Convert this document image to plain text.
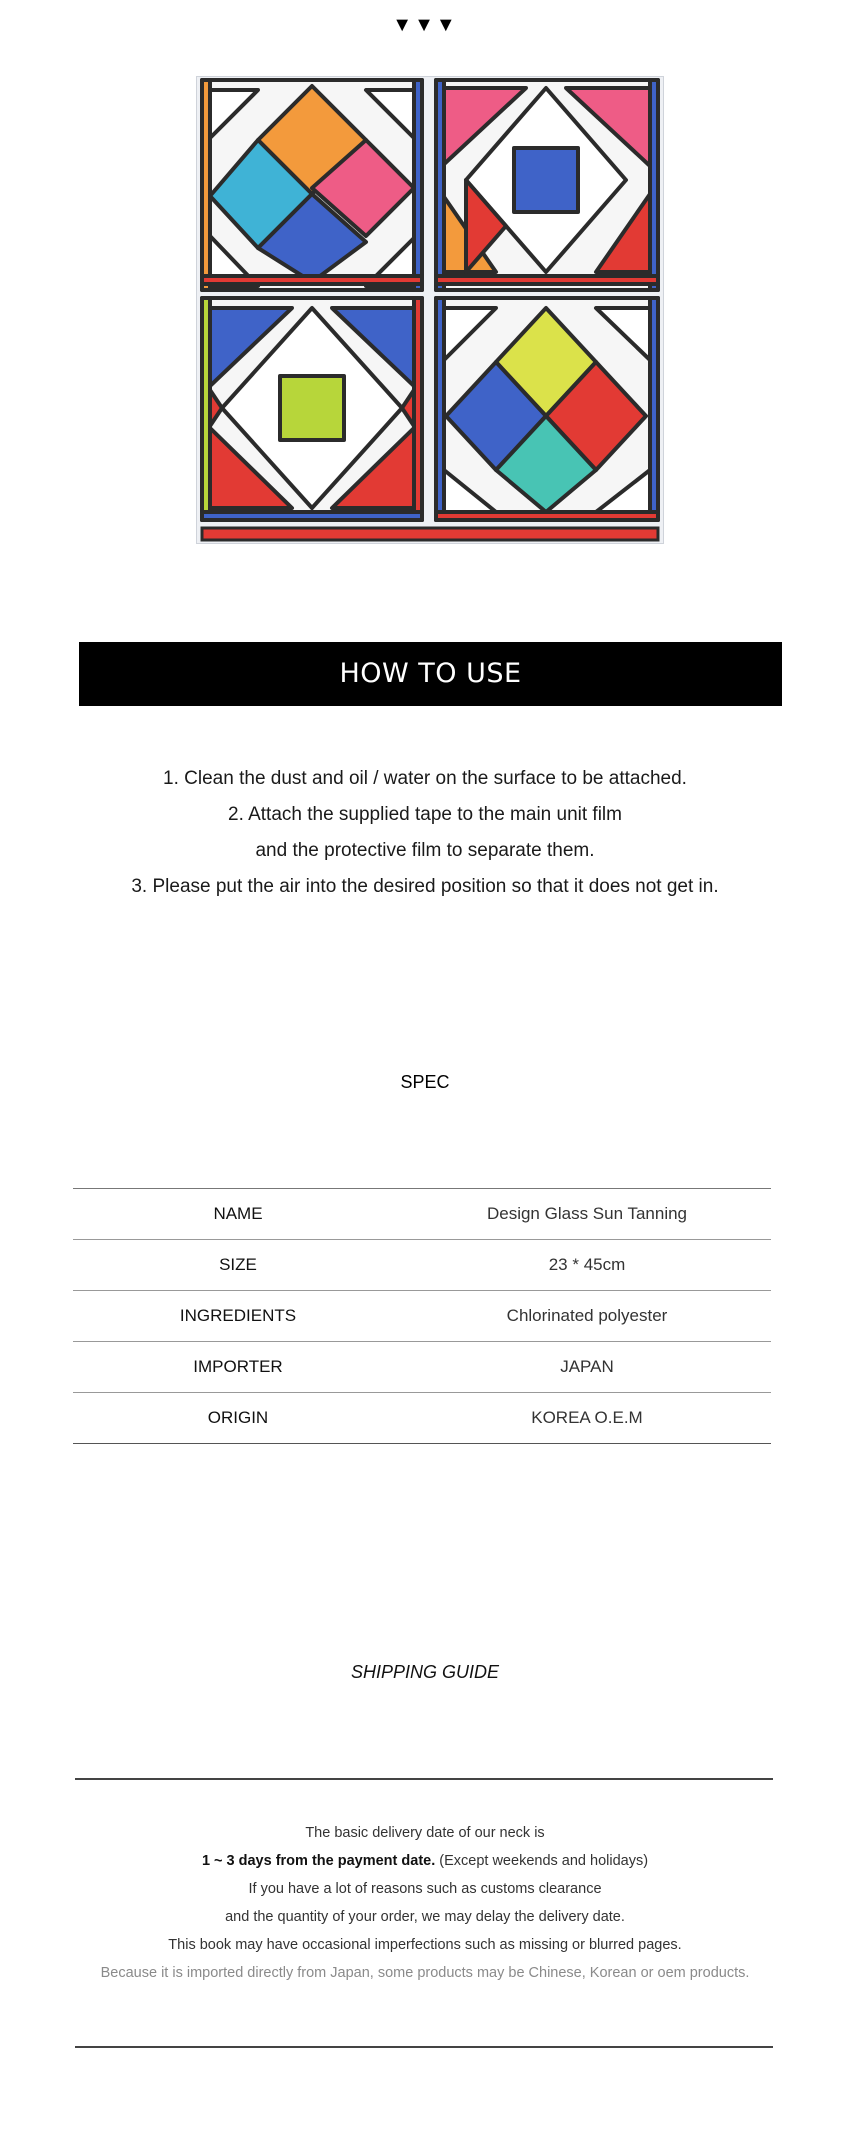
▼▼▼
HOW TO USE
1. Clean the dust and oil / water on the surface to be attached.
2. Attach the supplied tape to the main unit film
and the protective film to separate them.
3. Please put the air into the desired position so that it does not get in.
SPEC
NAME	Design Glass Sun Tanning
SIZE	23 * 45cm
INGREDIENTS	Chlorinated polyester
IMPORTER	JAPAN
ORIGIN	KOREA O.E.M
SHIPPING GUIDE
The basic delivery date of our neck is
1 ~ 3 days from the payment date. (Except weekends and holidays)
If you have a lot of reasons such as customs clearance
and the quantity of your order, we may delay the delivery date.
This book may have occasional imperfections such as missing or blurred pages.
Because it is imported directly from Japan, some products may be Chinese, Korean or oem products.
